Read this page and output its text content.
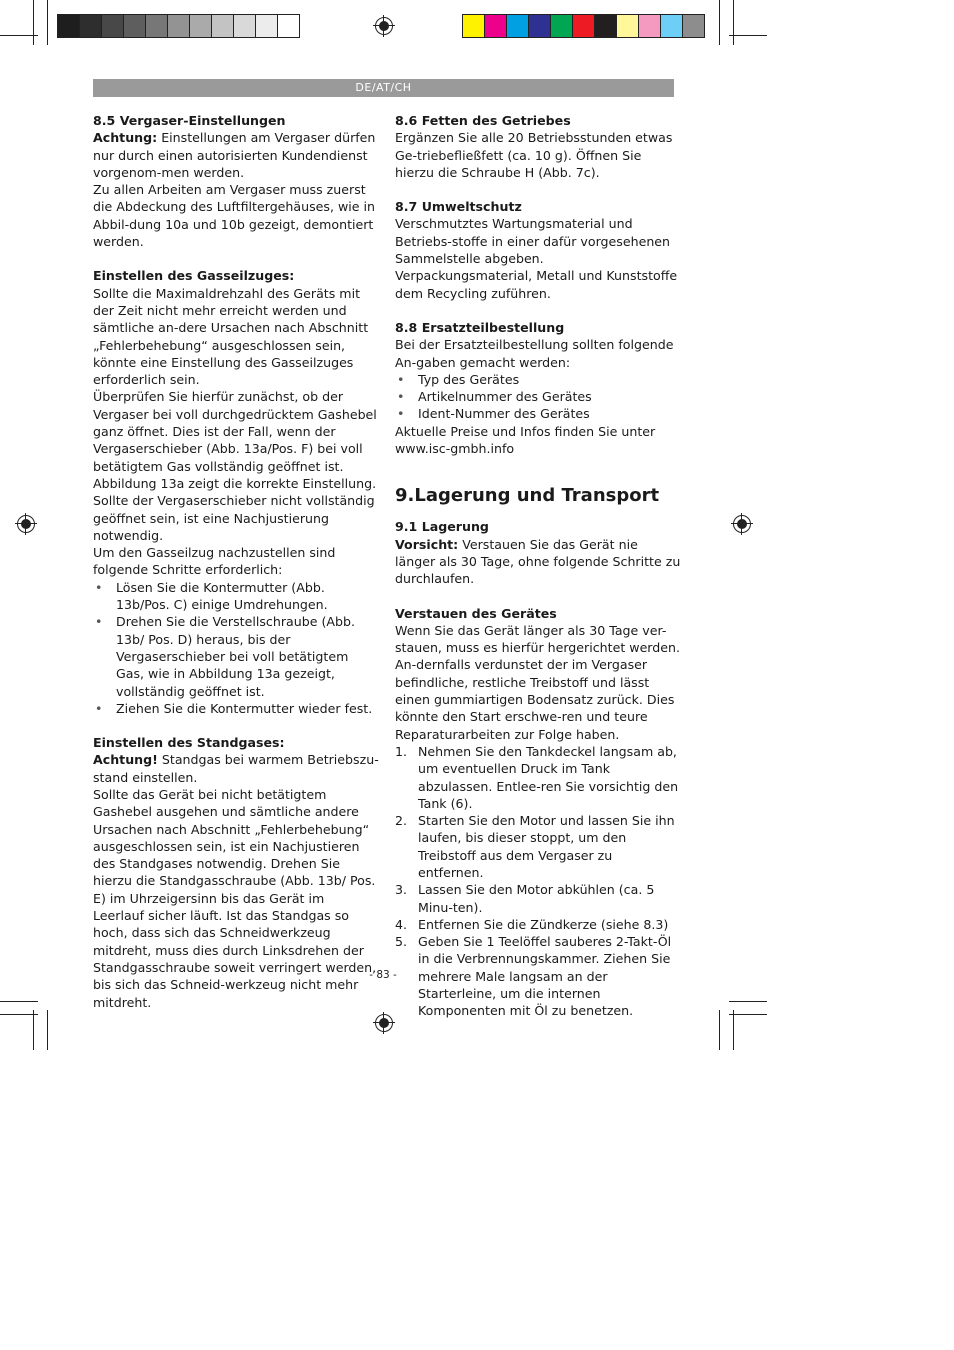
DE/AT/CH

8.5 Vergaser-Einstellungen

Achtung: Einstellungen am Vergaser dürfen nur durch einen autorisierten Kundendienst vorgenom-men werden.

Zu allen Arbeiten am Vergaser muss zuerst die Abdeckung des Luftfiltergehäuses, wie in Abbil-dung 10a und 10b gezeigt, demontiert werden.

Einstellen des Gasseilzuges:

Sollte die Maximaldrehzahl des Geräts mit der Zeit nicht mehr erreicht werden und sämtliche an-dere Ursachen nach Abschnitt „Fehlerbehebung“ ausgeschlossen sein, könnte eine Einstellung des Gasseilzuges erforderlich sein.

Überprüfen Sie hierfür zunächst, ob der Vergaser bei voll durchgedrücktem Gashebel ganz öffnet. Dies ist der Fall, wenn der Vergaserschieber (Abb. 13a/Pos. F) bei voll betätigtem Gas vollständig geöffnet ist. Abbildung 13a zeigt die korrekte Einstellung. Sollte der Vergaserschieber nicht vollständig geöffnet sein, ist eine Nachjustierung notwendig.

Um den Gasseilzug nachzustellen sind folgende Schritte erforderlich:

• Lösen Sie die Kontermutter (Abb. 13b/Pos. C) einige Umdrehungen.
• Drehen Sie die Verstellschraube (Abb. 13b/ Pos. D) heraus, bis der Vergaserschieber bei voll betätigtem Gas, wie in Abbildung 13a gezeigt, vollständig geöffnet ist.
• Ziehen Sie die Kontermutter wieder fest.

Einstellen des Standgases:

Achtung! Standgas bei warmem Betriebszu-stand einstellen.

Sollte das Gerät bei nicht betätigtem Gashebel ausgehen und sämtliche andere Ursachen nach Abschnitt „Fehlerbehebung“ ausgeschlossen sein, ist ein Nachjustieren des Standgases notwendig. Drehen Sie hierzu die Standgasschraube (Abb. 13b/ Pos. E) im Uhrzeigersinn bis das Gerät im Leerlauf sicher läuft. Ist das Standgas so hoch, dass sich das Schneidwerkzeug mitdreht, muss dies durch Linksdrehen der Standgasschraube soweit verringert werden, bis sich das Schneid-werkzeug nicht mehr mitdreht.

8.6 Fetten des Getriebes

Ergänzen Sie alle 20 Betriebsstunden etwas Ge-triebefließfett (ca. 10 g). Öffnen Sie hierzu die Schraube H (Abb. 7c).

8.7 Umweltschutz

Verschmutztes Wartungsmaterial und Betriebs-stoffe in einer dafür vorgesehenen Sammelstelle abgeben.

Verpackungsmaterial, Metall und Kunststoffe dem Recycling zuführen.

8.8 Ersatzteilbestellung

Bei der Ersatzteilbestellung sollten folgende An-gaben gemacht werden:

• Typ des Gerätes
• Artikelnummer des Gerätes
• Ident-Nummer des Gerätes

Aktuelle Preise und Infos finden Sie unter www.isc-gmbh.info

9.Lagerung und Transport

9.1 Lagerung

Vorsicht: Verstauen Sie das Gerät nie länger als 30 Tage, ohne folgende Schritte zu durchlaufen.

Verstauen des Gerätes

Wenn Sie das Gerät länger als 30 Tage ver-stauen, muss es hierfür hergerichtet werden. An-dernfalls verdunstet der im Vergaser befindliche, restliche Treibstoff und lässt einen gummiartigen Bodensatz zurück. Dies könnte den Start erschwe-ren und teure Reparaturarbeiten zur Folge haben.

1. Nehmen Sie den Tankdeckel langsam ab, um eventuellen Druck im Tank abzulassen. Entlee-ren Sie vorsichtig den Tank (6).
2. Starten Sie den Motor und lassen Sie ihn laufen, bis dieser stoppt, um den Treibstoff aus dem Vergaser zu entfernen.
3. Lassen Sie den Motor abkühlen (ca. 5 Minu-ten).
4. Entfernen Sie die Zündkerze (siehe 8.3)
5. Geben Sie 1 Teelöffel sauberes 2-Takt-Öl in die Verbrennungskammer. Ziehen Sie mehrere Male langsam an der Starterleine, um die internen Komponenten mit Öl zu benetzen.
- 83 -
